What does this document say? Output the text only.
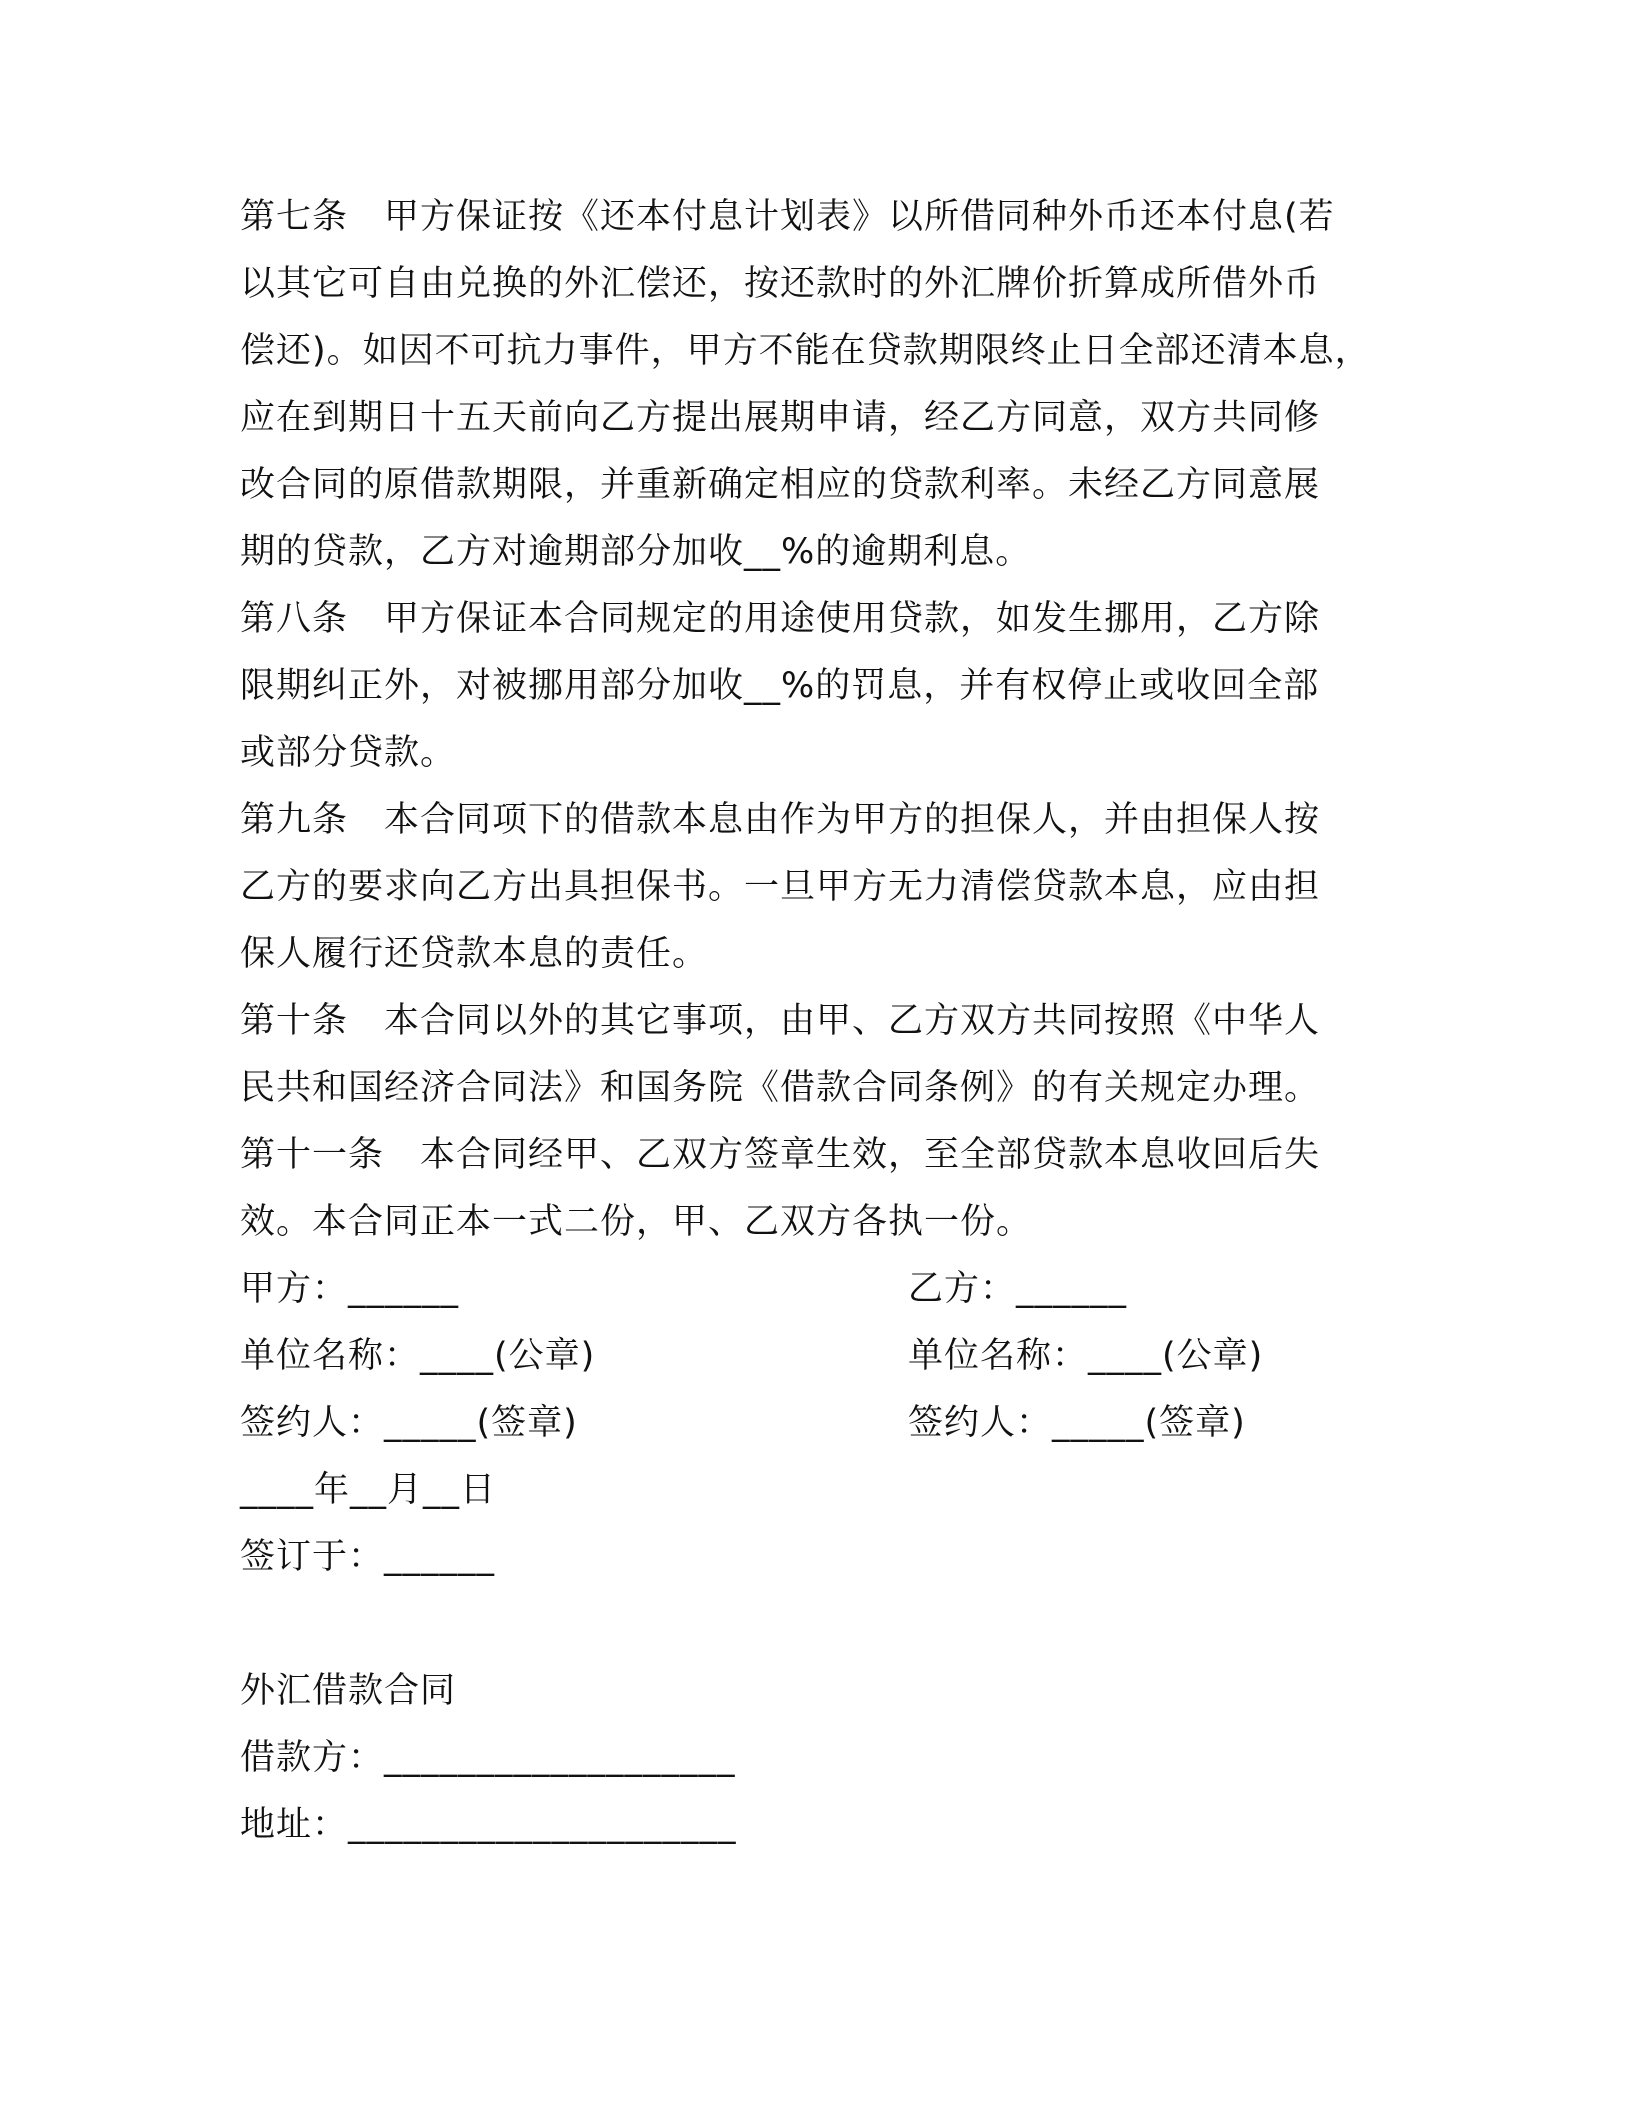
第七条　甲方保证按《还本付息计划表》以所借同种外币还本付息(若
以其它可自由兑换的外汇偿还，按还款时的外汇牌价折算成所借外币
偿还)。如因不可抗力事件，甲方不能在贷款期限终止日全部还清本息，
应在到期日十五天前向乙方提出展期申请，经乙方同意，双方共同修
改合同的原借款期限，并重新确定相应的贷款利率。未经乙方同意展
期的贷款，乙方对逾期部分加收__%的逾期利息。
第八条　甲方保证本合同规定的用途使用贷款，如发生挪用，乙方除
限期纠正外，对被挪用部分加收__%的罚息，并有权停止或收回全部
或部分贷款。
第九条　本合同项下的借款本息由作为甲方的担保人，并由担保人按
乙方的要求向乙方出具担保书。一旦甲方无力清偿贷款本息，应由担
保人履行还贷款本息的责任。
第十条　本合同以外的其它事项，由甲、乙方双方共同按照《中华人
民共和国经济合同法》和国务院《借款合同条例》的有关规定办理。
第十一条　本合同经甲、乙双方签章生效，至全部贷款本息收回后失
效。本合同正本一式二份，甲、乙双方各执一份。
甲方：______	乙方：______
单位名称：____(公章)	单位名称：____(公章)
签约人：_____(签章)	签约人：_____(签章)
____年__月__日
签订于：______
外汇借款合同
借款方：___________________
地址：_____________________
